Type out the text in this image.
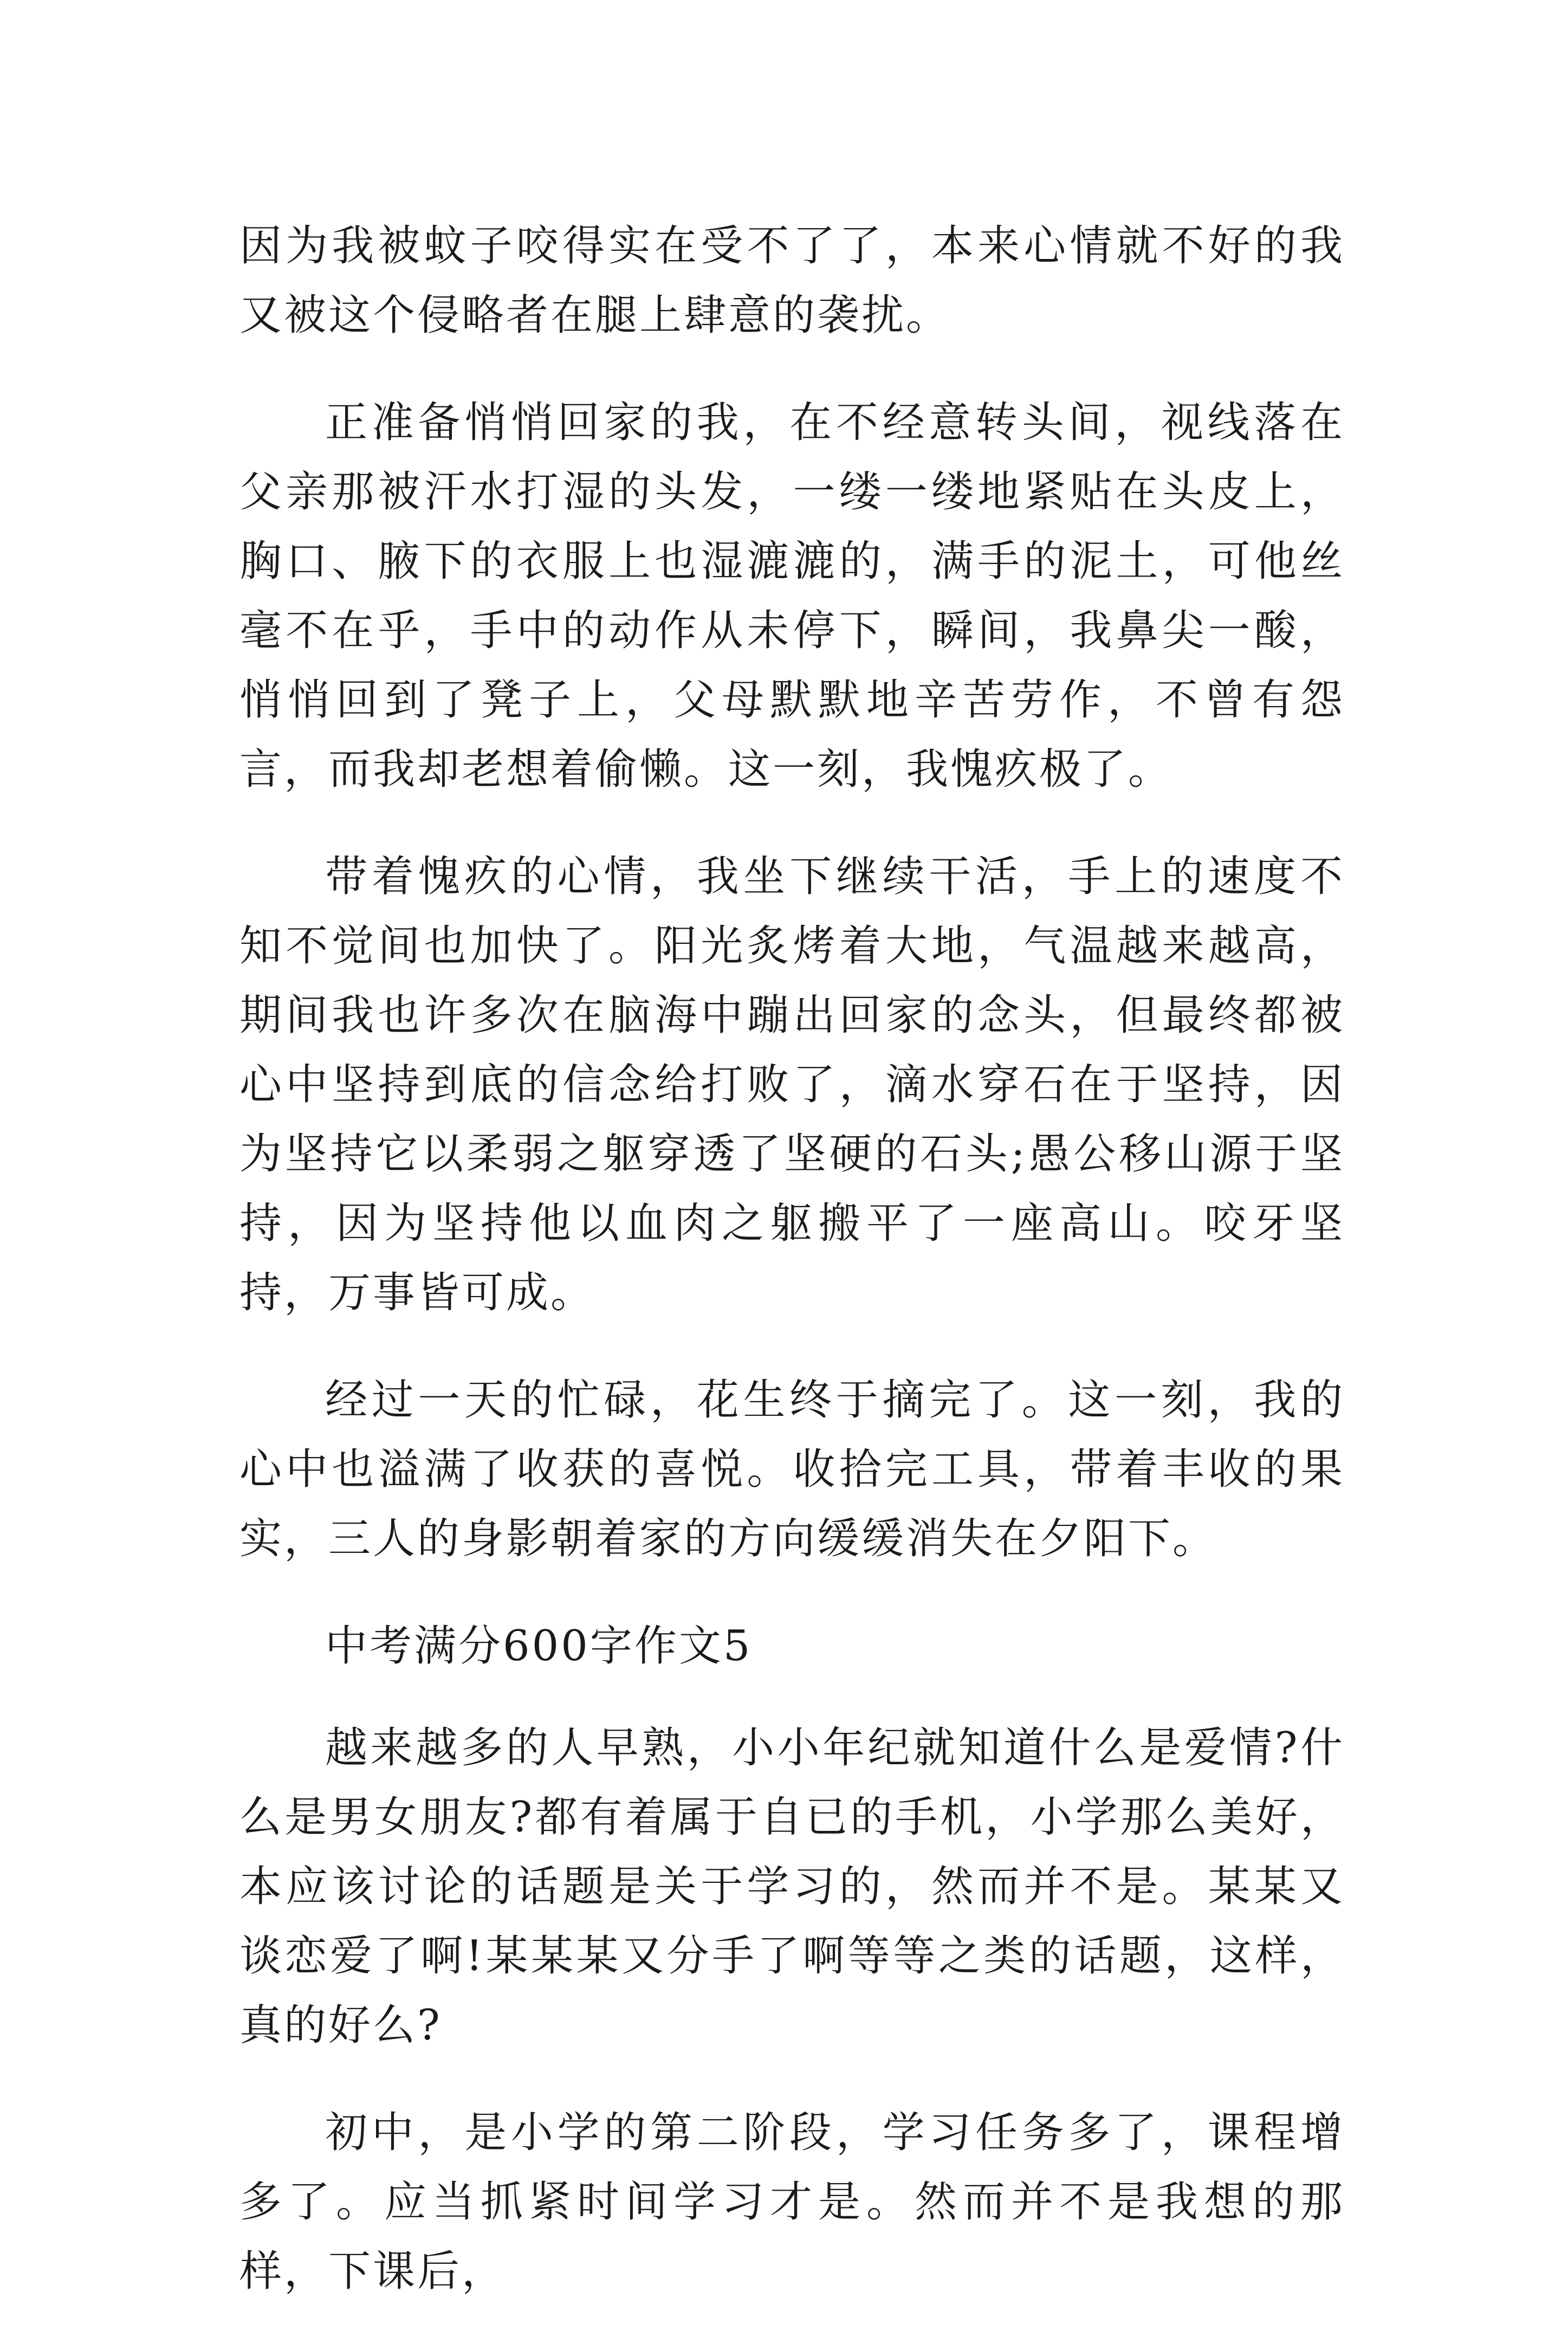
因为我被蚊子咬得实在受不了了，本来心情就不好的我又被这个侵略者在腿上肆意的袭扰。

正准备悄悄回家的我，在不经意转头间，视线落在父亲那被汗水打湿的头发，一缕一缕地紧贴在头皮上，胸口、腋下的衣服上也湿漉漉的，满手的泥土，可他丝毫不在乎，手中的动作从未停下，瞬间，我鼻尖一酸，悄悄回到了凳子上，父母默默地辛苦劳作，不曾有怨言，而我却老想着偷懒。这一刻，我愧疚极了。

带着愧疚的心情，我坐下继续干活，手上的速度不知不觉间也加快了。阳光炙烤着大地，气温越来越高，期间我也许多次在脑海中蹦出回家的念头，但最终都被心中坚持到底的信念给打败了，滴水穿石在于坚持，因为坚持它以柔弱之躯穿透了坚硬的石头;愚公移山源于坚持，因为坚持他以血肉之躯搬平了一座高山。咬牙坚持，万事皆可成。

经过一天的忙碌，花生终于摘完了。这一刻，我的心中也溢满了收获的喜悦。收拾完工具，带着丰收的果实，三人的身影朝着家的方向缓缓消失在夕阳下。

中考满分600字作文5

越来越多的人早熟，小小年纪就知道什么是爱情?什么是男女朋友?都有着属于自已的手机，小学那么美好，本应该讨论的话题是关于学习的，然而并不是。某某又谈恋爱了啊!某某某又分手了啊等等之类的话题，这样，真的好么?

初中，是小学的第二阶段，学习任务多了，课程增多了。应当抓紧时间学习才是。然而并不是我想的那样，下课后，
